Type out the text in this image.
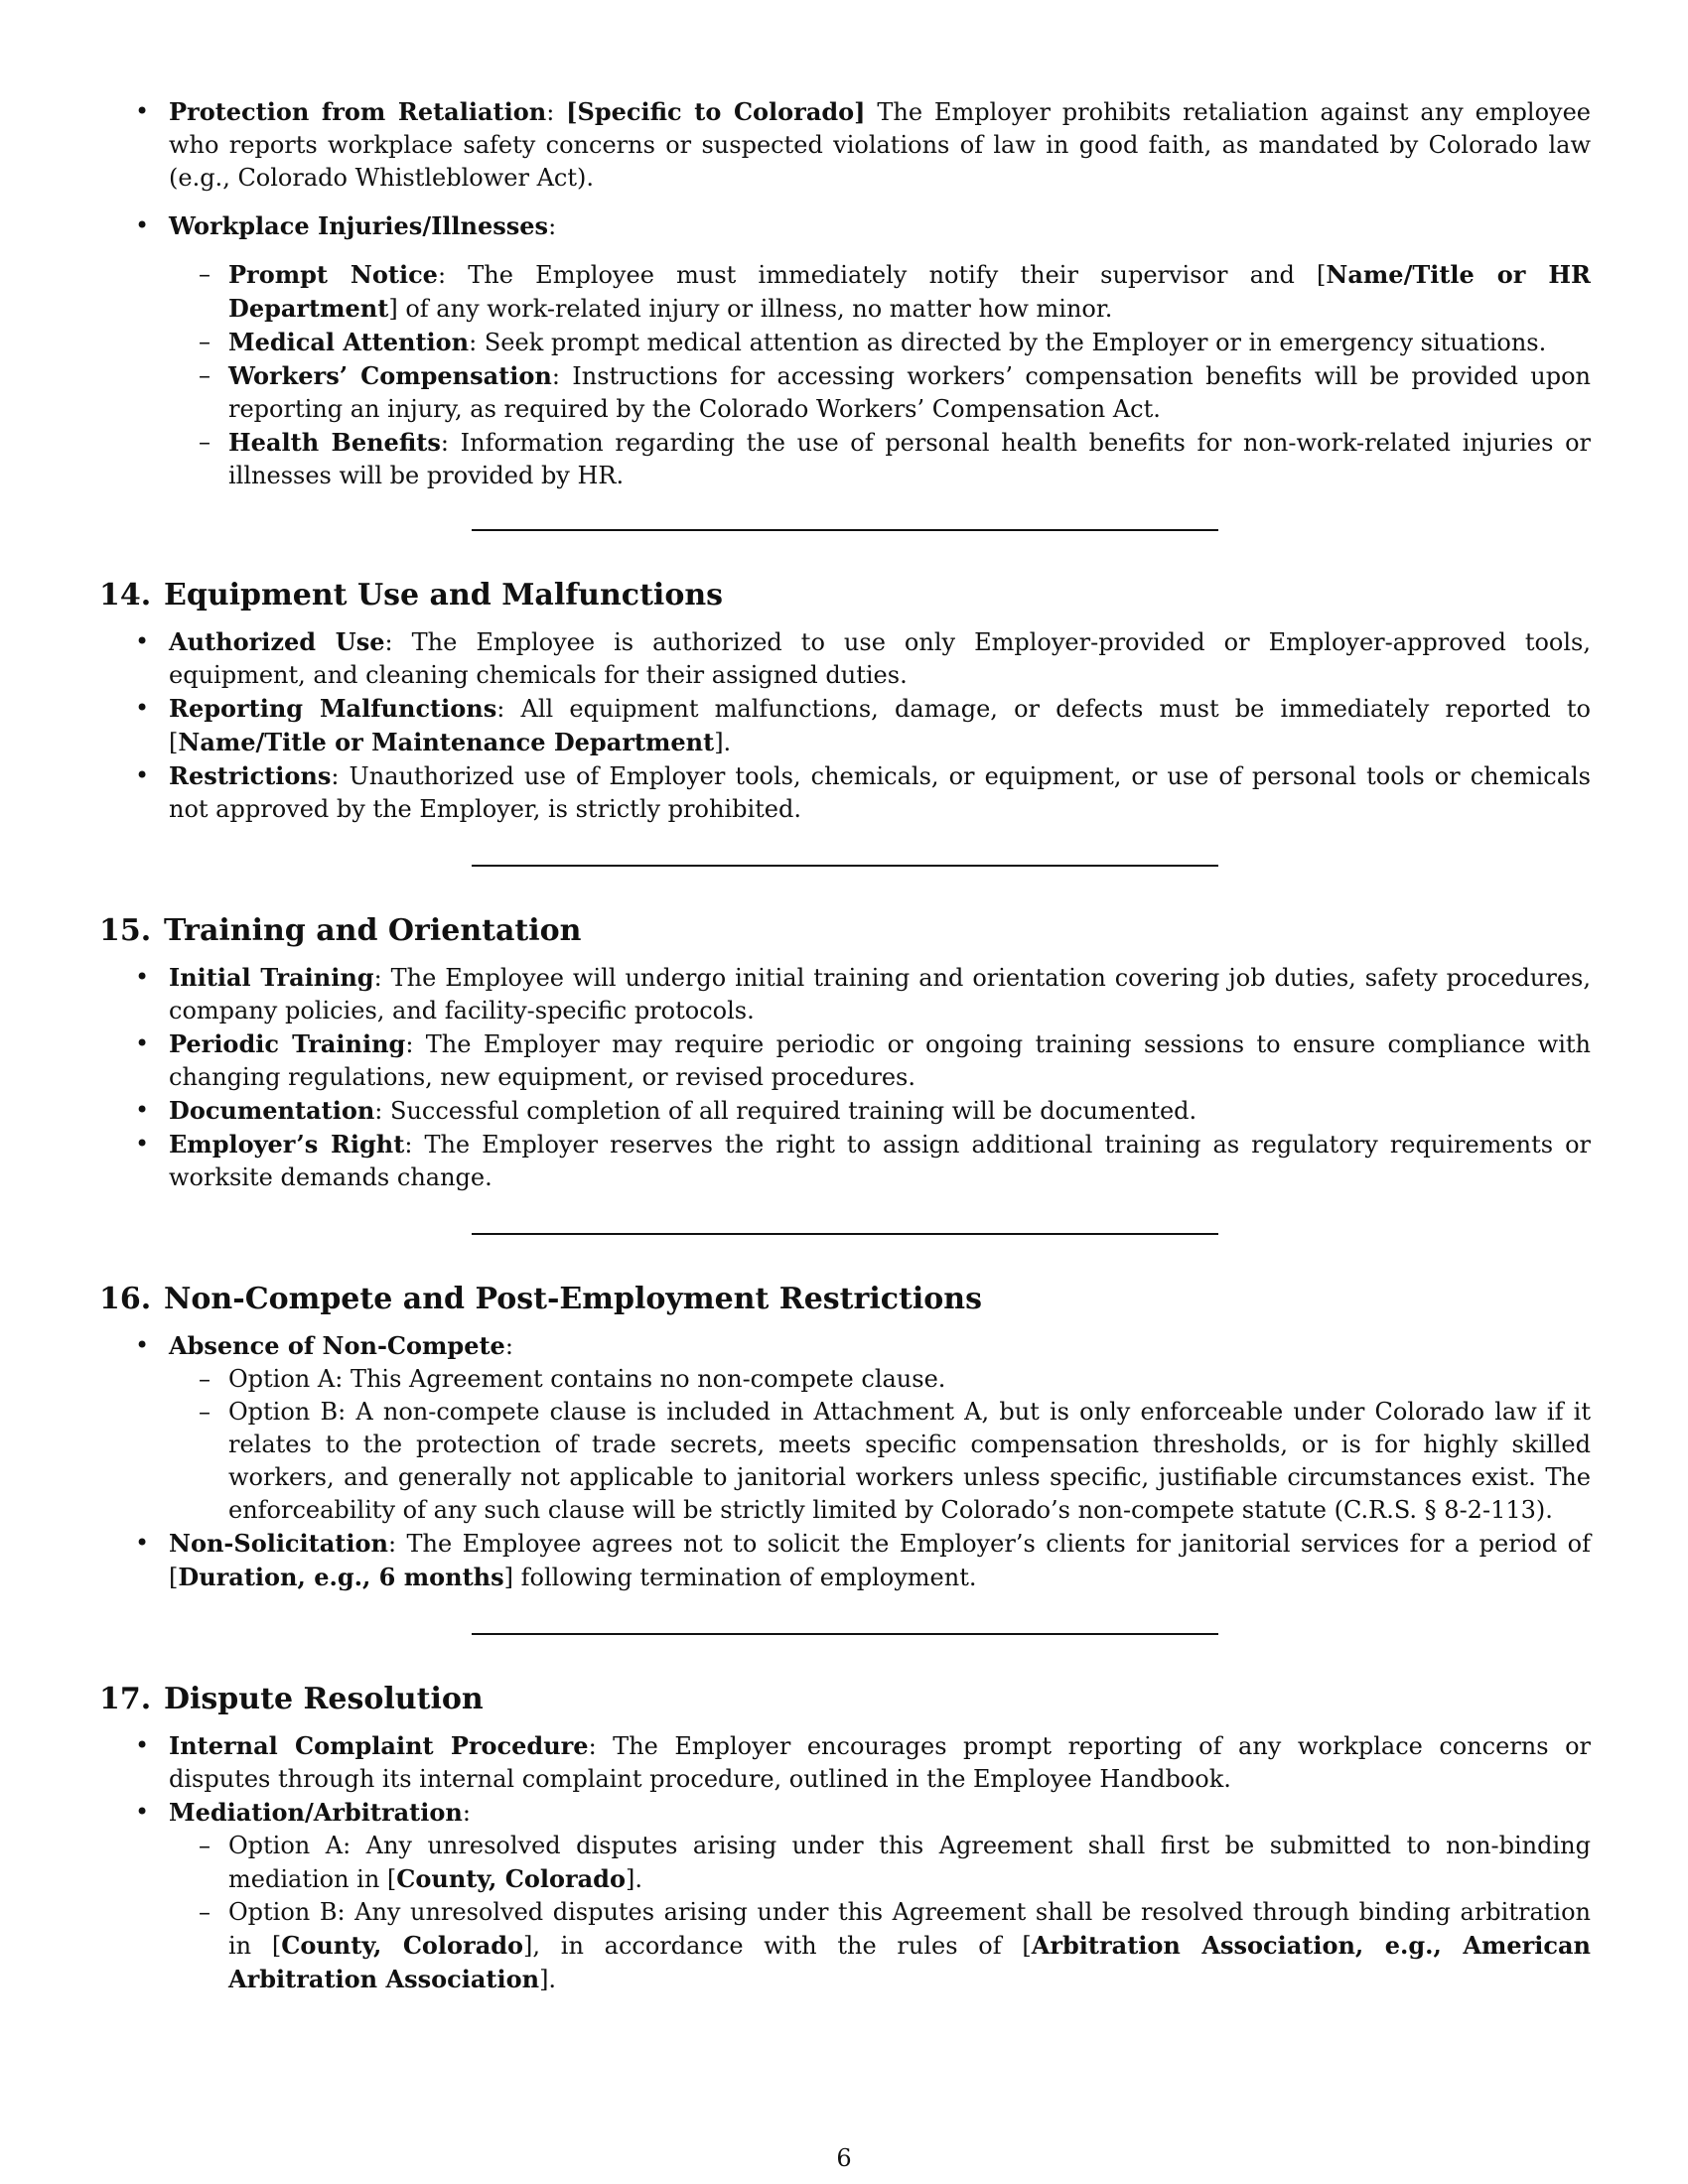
• Protection from Retaliation: [Specific to Colorado] The Employer prohibits retaliation against any employee who reports workplace safety concerns or suspected violations of law in good faith, as mandated by Colorado law (e.g., Colorado Whistleblower Act).
• Workplace Injuries/Illnesses:
– Prompt Notice: The Employee must immediately notify their supervisor and [Name/Title or HR Department] of any work-related injury or illness, no matter how minor.
– Medical Attention: Seek prompt medical attention as directed by the Employer or in emergency situations.
– Workers’ Compensation: Instructions for accessing workers’ compensation benefits will be provided upon reporting an injury, as required by the Colorado Workers’ Compensation Act.
– Health Benefits: Information regarding the use of personal health benefits for non-work-related injuries or illnesses will be provided by HR.
14. Equipment Use and Malfunctions
• Authorized Use: The Employee is authorized to use only Employer-provided or Employer-approved tools, equipment, and cleaning chemicals for their assigned duties.
• Reporting Malfunctions: All equipment malfunctions, damage, or defects must be immediately reported to [Name/Title or Maintenance Department].
• Restrictions: Unauthorized use of Employer tools, chemicals, or equipment, or use of personal tools or chemicals not approved by the Employer, is strictly prohibited.
15. Training and Orientation
• Initial Training: The Employee will undergo initial training and orientation covering job duties, safety procedures, company policies, and facility-specific protocols.
• Periodic Training: The Employer may require periodic or ongoing training sessions to ensure compliance with changing regulations, new equipment, or revised procedures.
• Documentation: Successful completion of all required training will be documented.
• Employer’s Right: The Employer reserves the right to assign additional training as regulatory requirements or worksite demands change.
16. Non-Compete and Post-Employment Restrictions
• Absence of Non-Compete:
– Option A: This Agreement contains no non-compete clause.
– Option B: A non-compete clause is included in Attachment A, but is only enforceable under Colorado law if it relates to the protection of trade secrets, meets specific compensation thresholds, or is for highly skilled workers, and generally not applicable to janitorial workers unless specific, justifiable circumstances exist. The enforceability of any such clause will be strictly limited by Colorado’s non-compete statute (C.R.S. § 8-2-113).
• Non-Solicitation: The Employee agrees not to solicit the Employer’s clients for janitorial services for a period of [Duration, e.g., 6 months] following termination of employment.
17. Dispute Resolution
• Internal Complaint Procedure: The Employer encourages prompt reporting of any workplace concerns or disputes through its internal complaint procedure, outlined in the Employee Handbook.
• Mediation/Arbitration:
– Option A: Any unresolved disputes arising under this Agreement shall first be submitted to non-binding mediation in [County, Colorado].
– Option B: Any unresolved disputes arising under this Agreement shall be resolved through binding arbitration in [County, Colorado], in accordance with the rules of [Arbitration Association, e.g., American Arbitration Association].
6
